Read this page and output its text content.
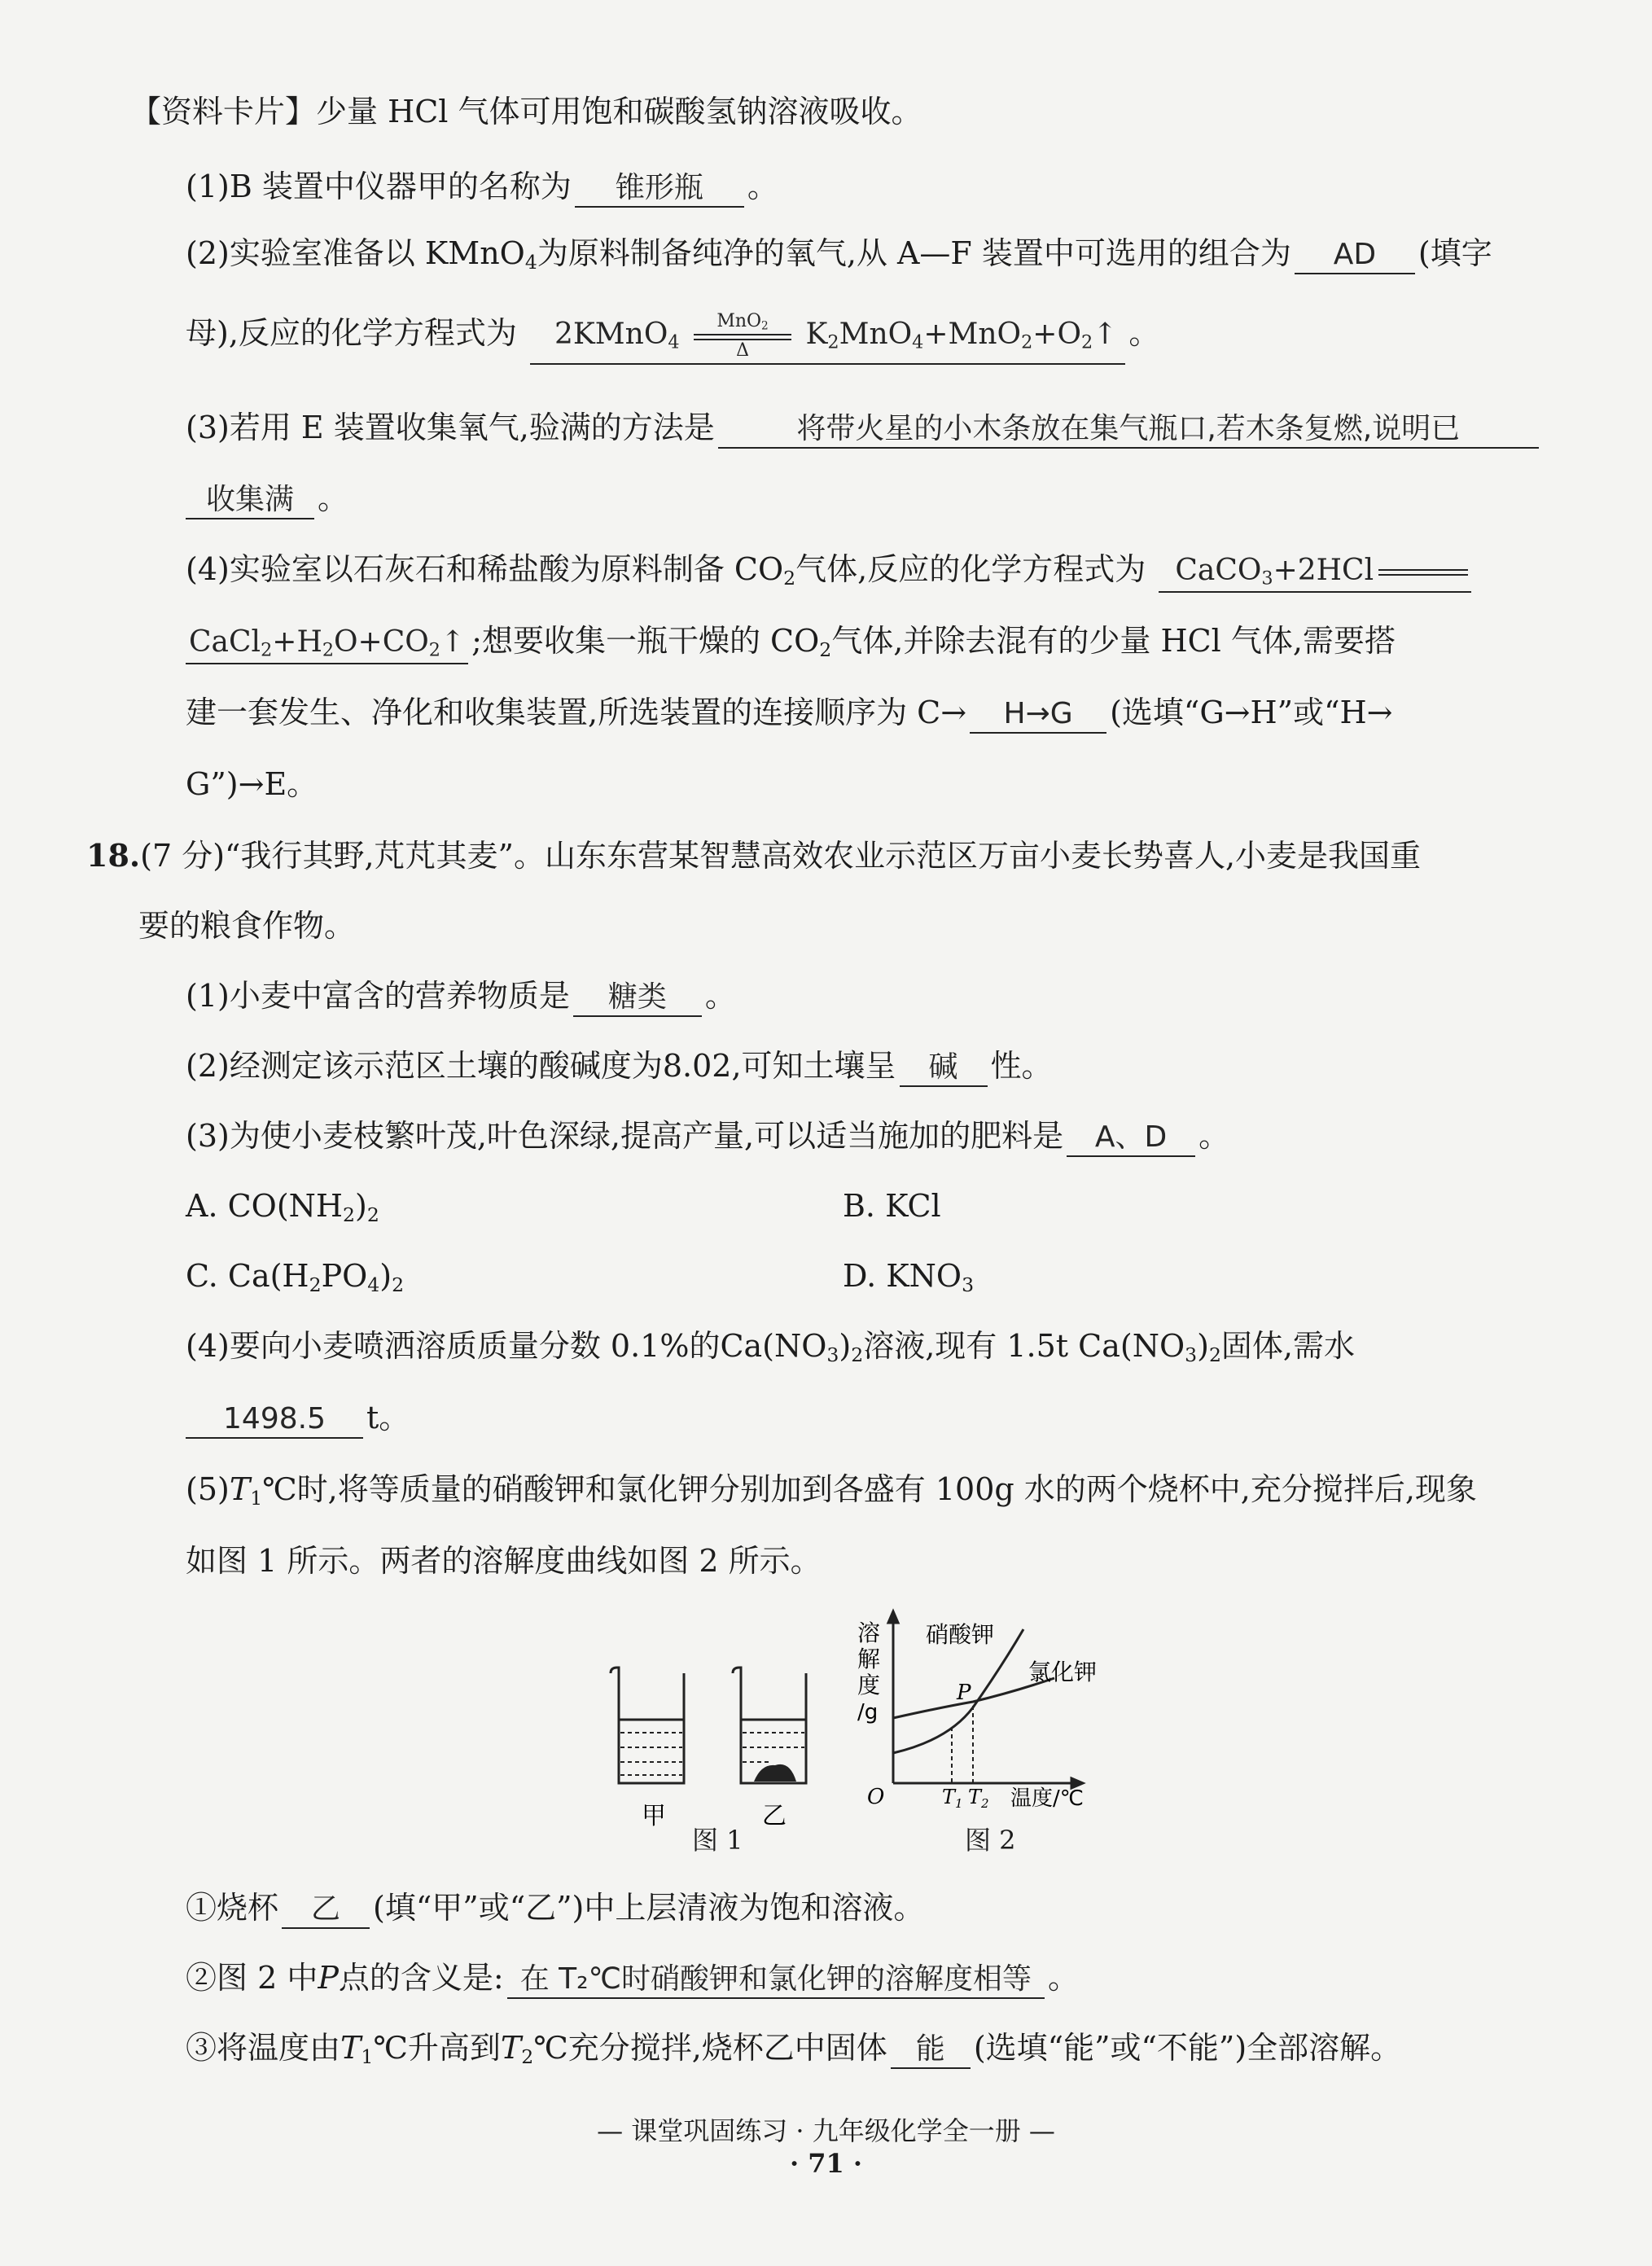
【资料卡片】少量 HCl 气体可用饱和碳酸氢钠溶液吸收。
(1)B 装置中仪器甲的名称为 锥形瓶 。
(2)实验室准备以 KMnO$_4$为原料制备纯净的氧气,从 A—F 装置中可选用的组合为 AD (填字
母),反应的化学方程式为 2KMnO$_4$
MnO$_2$
Δ	$K_2MnO_4+MnO_2+O_2↑$ 。
(3)若用 E 装置收集氧气,验满的方法是	将带火星的小木条放在集气瓶口,若木条复燃,说明已
收集满 。
(4)实验室以石灰石和稀盐酸为原料制备 $CO_2$气体,反应的化学方程式为 CaCO$_3$+2HCl
$CaCl_2+H_2O+CO_2↑$ ;想要收集一瓶干燥的 $CO_2$气体,并除去混有的少量 HCl 气体,需要搭
建一套发生、净化和收集装置,所选装置的连接顺序为 C→ H→G (选填“G→H”或“H→
G”)→E。
18.(7 分)“我行其野,芃芃其麦”。山东东营某智慧高效农业示范区万亩小麦长势喜人,小麦是我国重
要的粮食作物。
(1)小麦中富含的营养物质是 糖类 。
(2)经测定该示范区土壤的酸碱度为8.02,可知土壤呈 碱 性。
(3)为使小麦枝繁叶茂,叶色深绿,提高产量,可以适当施加的肥料是 A、D 。
A. $CO(NH_2)_2$	B. KCl
C. $Ca(H_2PO_4)_2$	D. $KNO_3$
(4)要向小麦喷洒溶质质量分数 0.1%的$Ca(NO_3)_2$溶液,现有 1.5t $Ca(NO_3)_2$固体,需水
1498.5 t。
$(5)T_1℃$时,将等质量的硝酸钾和氯化钾分别加到各盛有 100g 水的两个烧杯中,充分搅拌后,现象
如图 1 所示。两者的溶解度曲线如图 2 所示。
甲	乙
图 1
溶
解
度
/g
硝酸钾
氯化钾
P
O	$T_1$ $T_2$ 温度/℃
图 2
①烧杯 乙 (填“甲”或“乙”)中上层清液为饱和溶液。
②图 2 中P点的含义是: 在 T₂℃时硝酸钾和氯化钾的溶解度相等 。
③将温度由$T_1℃$升高到$T_2℃$充分搅拌,烧杯乙中固体 能 (选填“能”或“不能”)全部溶解。
— 课堂巩固练习 · 九年级化学全一册 —
· 71 ·
